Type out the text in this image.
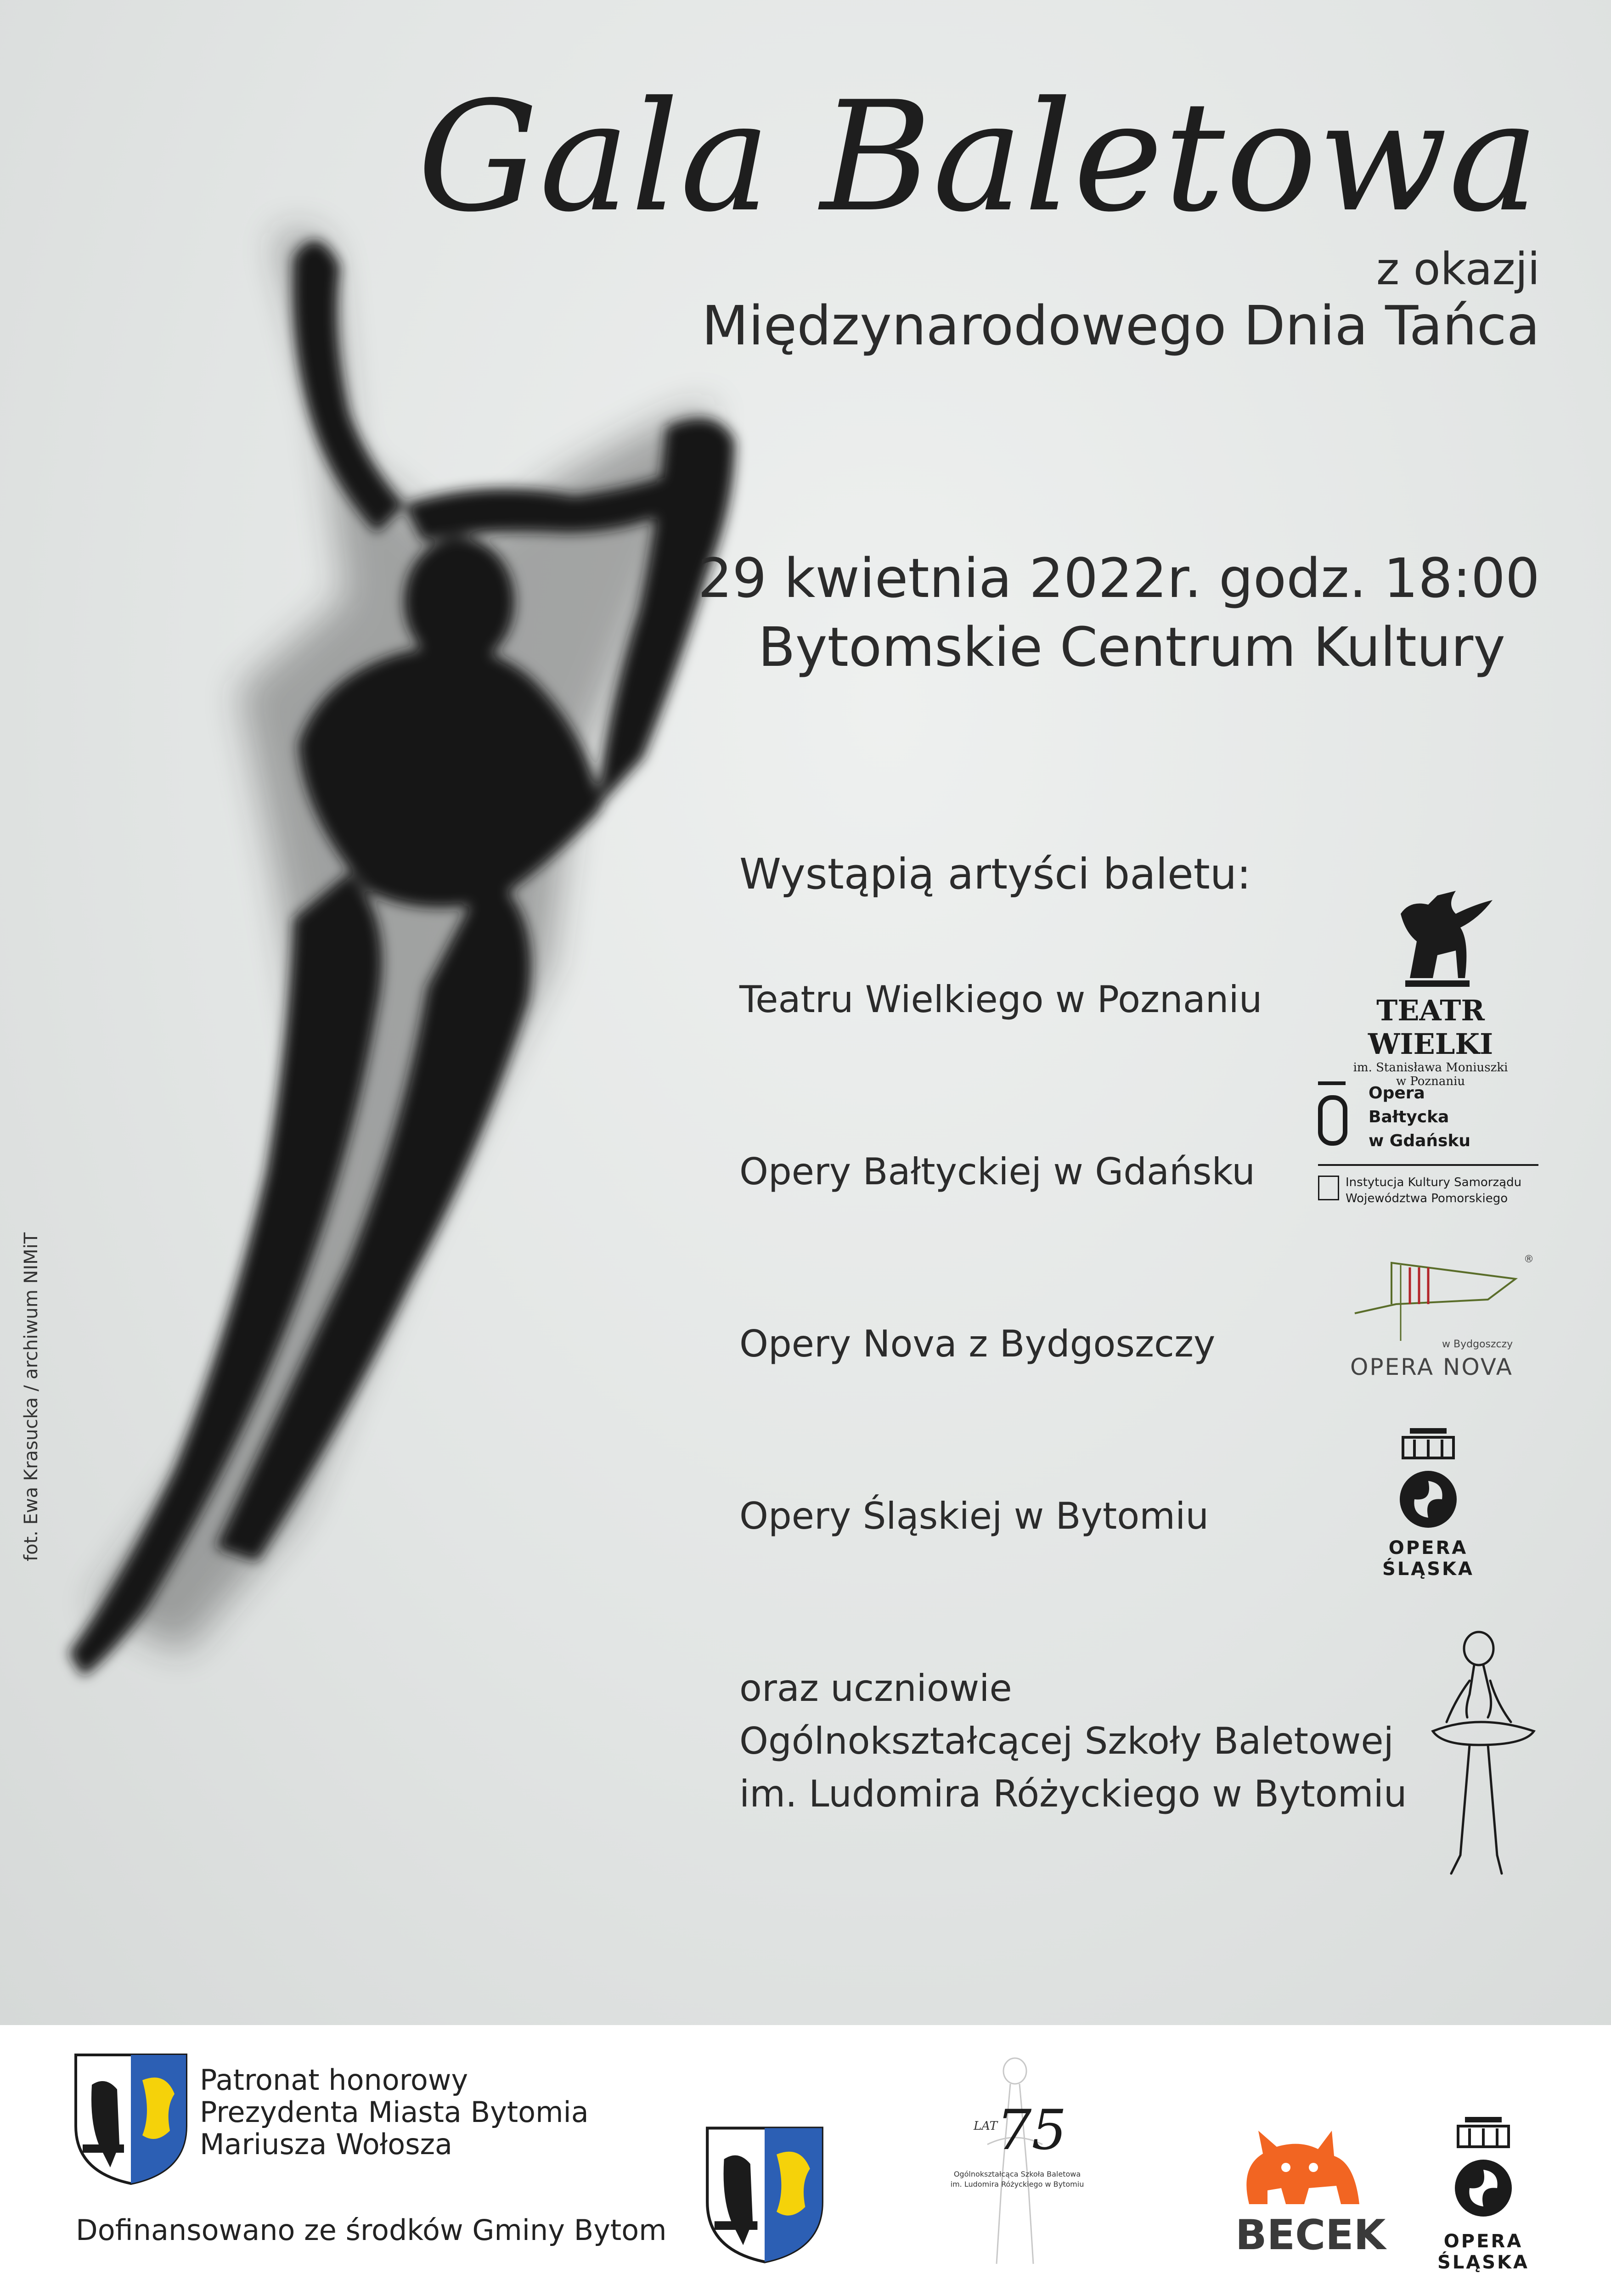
Gala Baletowa
z okazji
Międzynarodowego Dnia Tańca
29 kwietnia 2022r. godz. 18:00
Bytomskie Centrum Kultury
Wystąpią artyści baletu:
Teatru Wielkiego w Poznaniu
Opery Bałtyckiej w Gdańsku
Opery Nova z Bydgoszczy
Opery Śląskiej w Bytomiu
oraz uczniowie
Ogólnokształcącej Szkoły Baletowej
im. Ludomira Różyckiego w Bytomiu
TEATR WIELKI
im. Stanisława Moniuszki
w Poznaniu
Opera
Bałtycka
w Gdańsku
Instytucja Kultury Samorządu
Województwa Pomorskiego
®
w Bydgoszczy
OPERA NOVA
OPERA ŚLĄSKA
fot. Ewa Krasucka / archiwum NIMiT
Patronat honorowy
Prezydenta Miasta Bytomia
Mariusza Wołosza
Dofinansowano ze środków Gminy Bytom
LAT
75
Ogólnokształcąca Szkoła Baletowa
im. Ludomira Różyckiego w Bytomiu
BECEK	OPERA ŚLĄSKA
